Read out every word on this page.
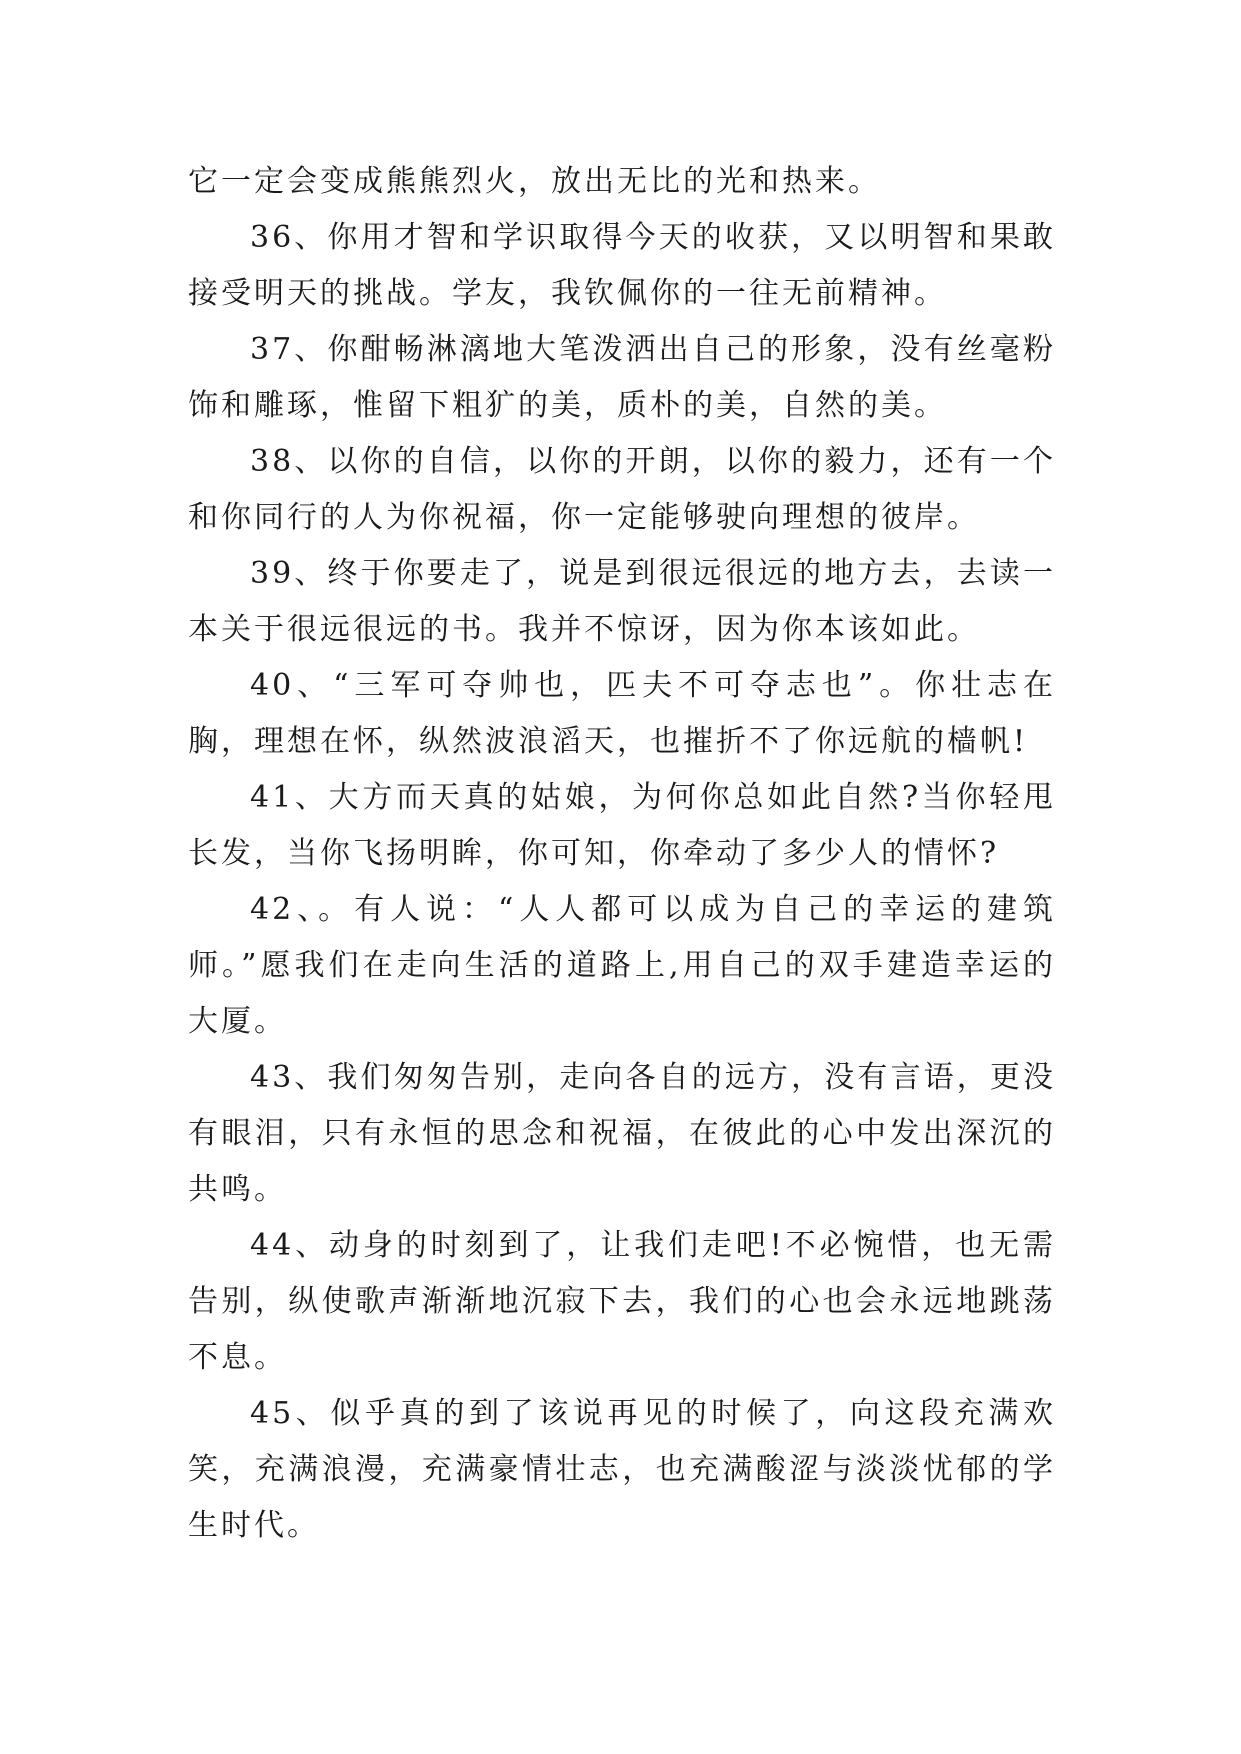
它一定会变成熊熊烈火，放出无比的光和热来。

36、你用才智和学识取得今天的收获，又以明智和果敢接受明天的挑战。学友，我钦佩你的一往无前精神。

37、你酣畅淋漓地大笔泼洒出自己的形象，没有丝毫粉饰和雕琢，惟留下粗犷的美，质朴的美，自然的美。

38、以你的自信，以你的开朗，以你的毅力，还有一个和你同行的人为你祝福，你一定能够驶向理想的彼岸。

39、终于你要走了，说是到很远很远的地方去，去读一本关于很远很远的书。我并不惊讶，因为你本该如此。

40、“三军可夺帅也，匹夫不可夺志也”。你壮志在胸，理想在怀，纵然波浪滔天，也摧折不了你远航的樯帆!

41、大方而天真的姑娘，为何你总如此自然?当你轻甩长发，当你飞扬明眸，你可知，你牵动了多少人的情怀?

42、。有人说：“人人都可以成为自己的幸运的建筑师。”愿我们在走向生活的道路上,用自己的双手建造幸运的大厦。

43、我们匆匆告别，走向各自的远方，没有言语，更没有眼泪，只有永恒的思念和祝福，在彼此的心中发出深沉的共鸣。

44、动身的时刻到了，让我们走吧!不必惋惜，也无需告别，纵使歌声渐渐地沉寂下去，我们的心也会永远地跳荡不息。

45、似乎真的到了该说再见的时候了，向这段充满欢笑，充满浪漫，充满豪情壮志，也充满酸涩与淡淡忧郁的学生时代。
